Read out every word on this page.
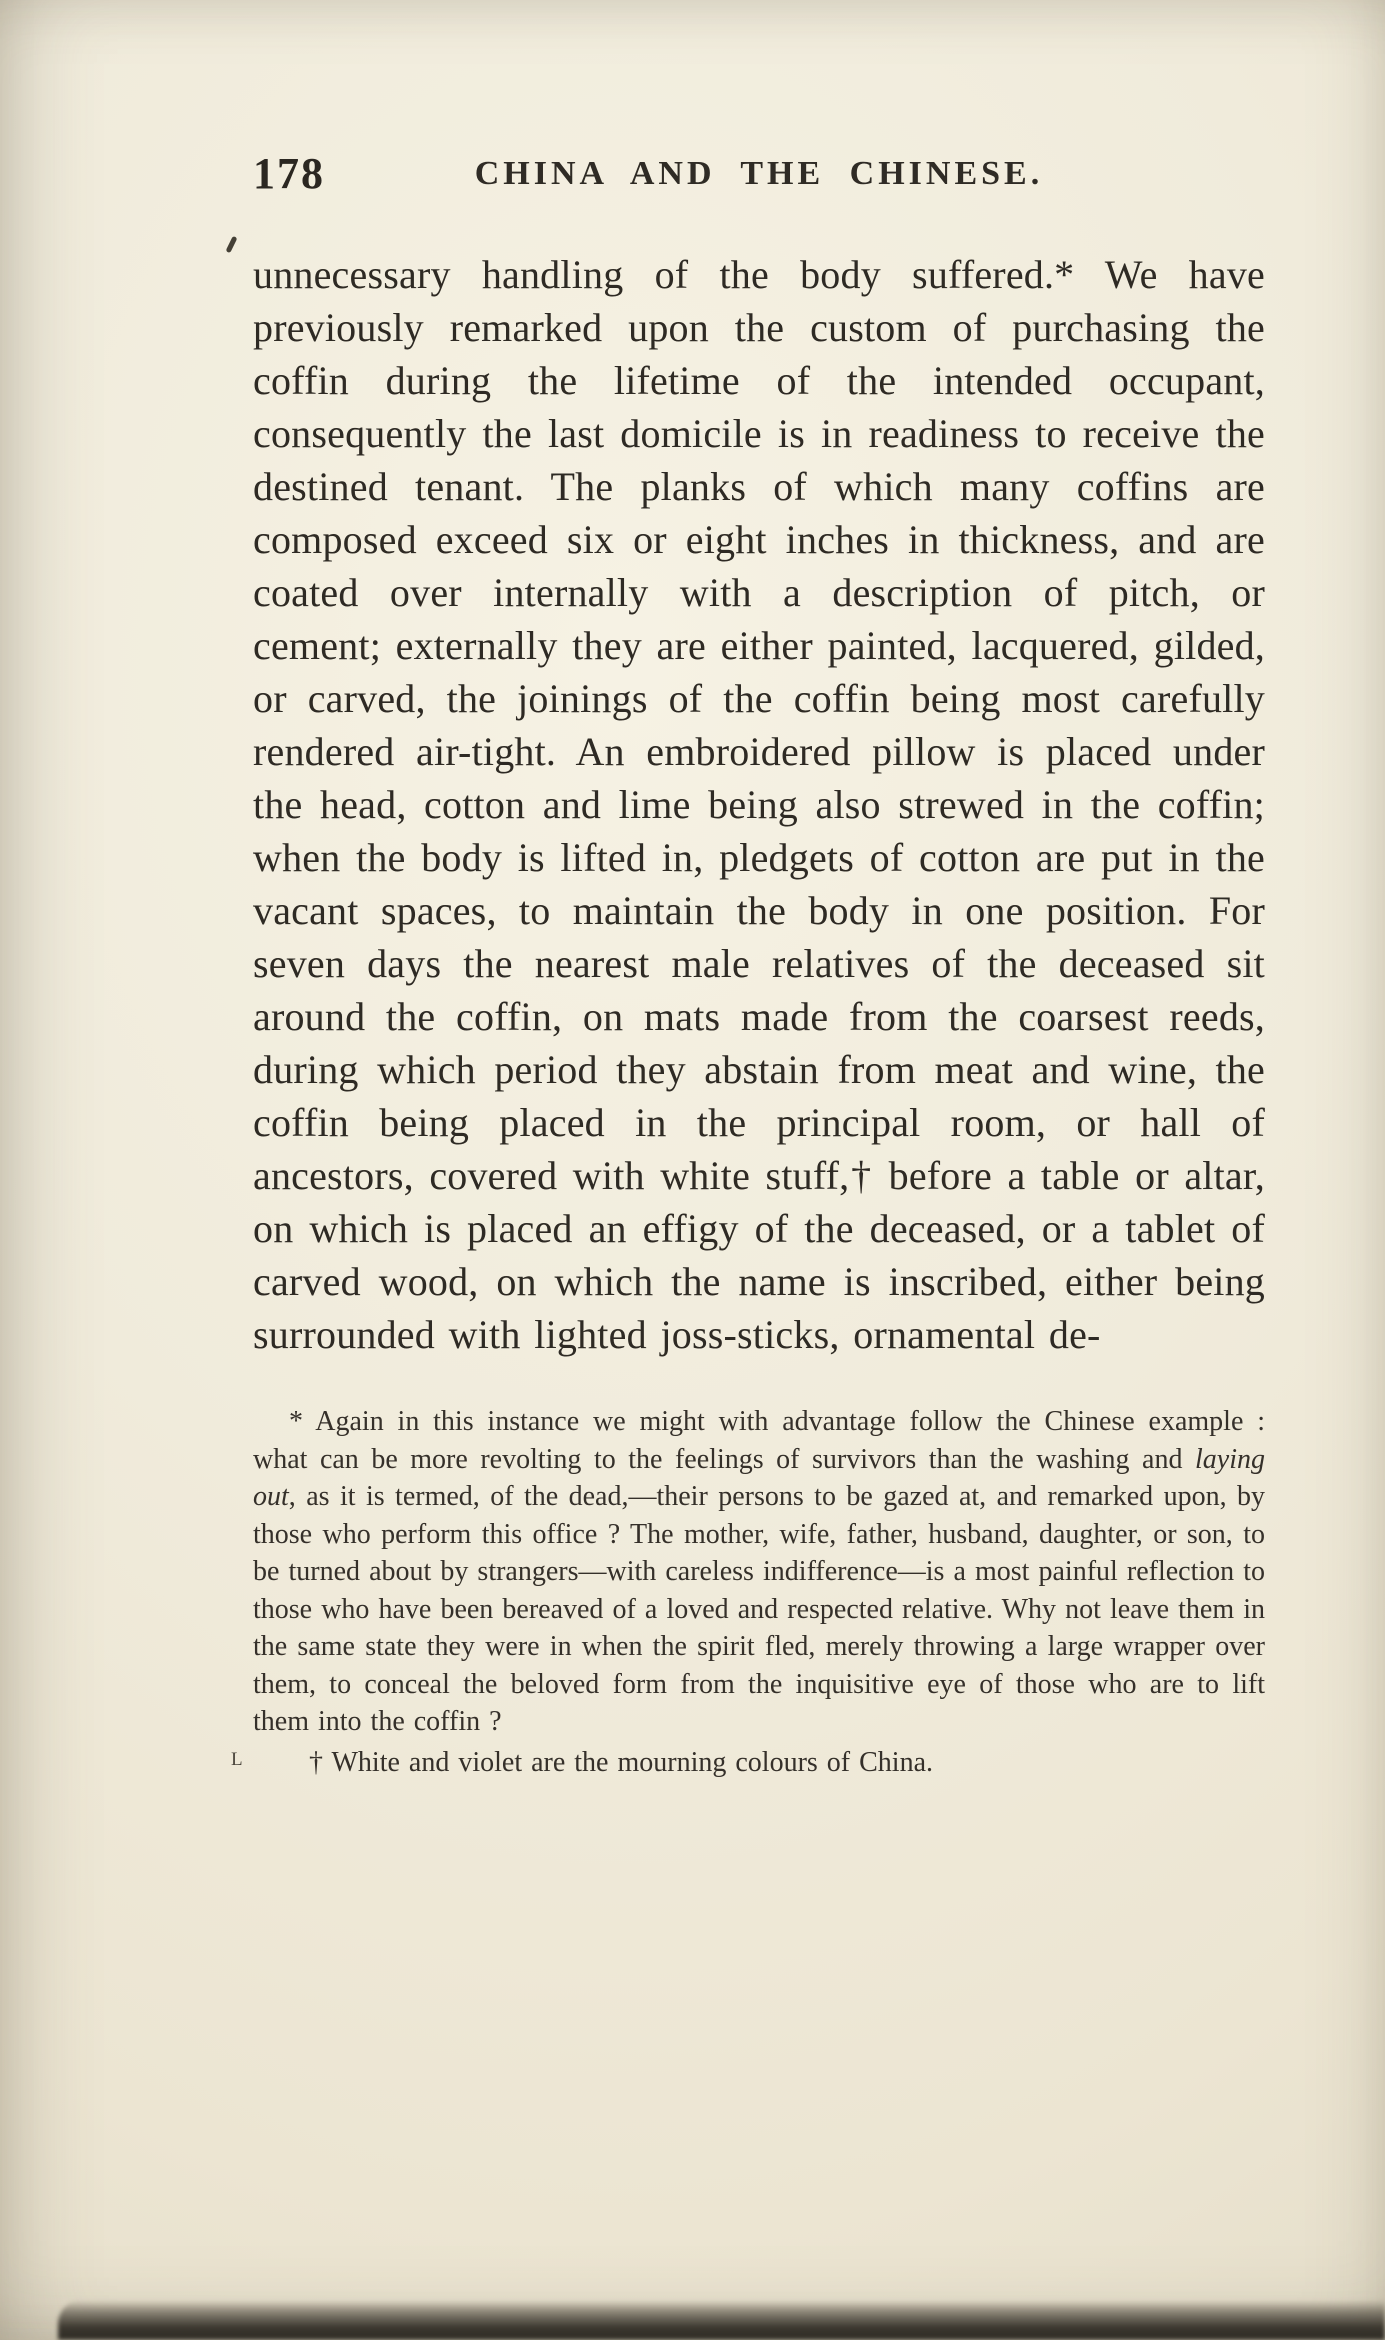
178	CHINA AND THE CHINESE.
unnecessary handling of the body suffered.* We have previously remarked upon the custom of purchasing the coffin during the lifetime of the intended occupant, consequently the last domicile is in readiness to receive the destined tenant. The planks of which many coffins are composed exceed six or eight inches in thickness, and are coated over internally with a description of pitch, or cement; externally they are either painted, lacquered, gilded, or carved, the joinings of the coffin being most carefully rendered air-tight. An embroidered pillow is placed under the head, cotton and lime being also strewed in the coffin; when the body is lifted in, pledgets of cotton are put in the vacant spaces, to maintain the body in one position. For seven days the nearest male relatives of the deceased sit around the coffin, on mats made from the coarsest reeds, during which period they abstain from meat and wine, the coffin being placed in the principal room, or hall of ancestors, covered with white stuff,† before a table or altar, on which is placed an effigy of the deceased, or a tablet of carved wood, on which the name is inscribed, either being surrounded with lighted joss-sticks, ornamental de-

* Again in this instance we might with advantage follow the Chinese example : what can be more revolting to the feelings of survivors than the washing and laying out, as it is termed, of the dead,—their persons to be gazed at, and remarked upon, by those who perform this office ? The mother, wife, father, husband, daughter, or son, to be turned about by strangers—with careless indifference—is a most painful reflection to those who have been bereaved of a loved and respected relative. Why not leave them in the same state they were in when the spirit fled, merely throwing a large wrapper over them, to conceal the beloved form from the inquisitive eye of those who are to lift them into the coffin ?

L † White and violet are the mourning colours of China.
